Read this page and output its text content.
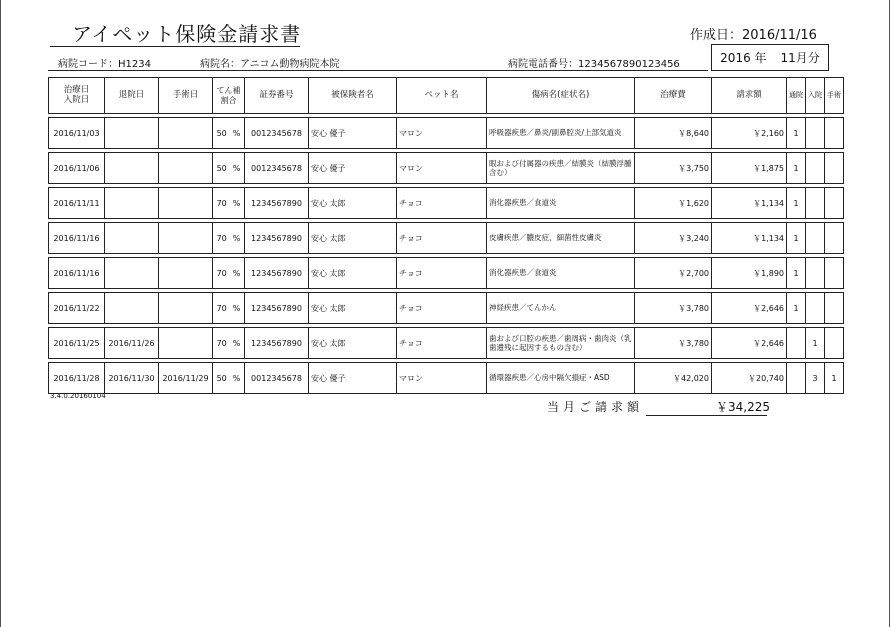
アイペット保険金請求書	作成日：2016/11/16
病院コード：H1234	病院名：アニコム動物病院本院	病院電話番号：1234567890123456	2016 年 11月分
治療日
入院日	退院日	手術日	てん補割合	証券番号	被保険者名	ペット名	傷病名(症状名)	治療費	請求額	通院	入院	手術

2016/11/03			50 %	0012345678	安心 優子	マロン	呼吸器疾患／鼻炎/副鼻腔炎/上部気道炎	￥8,640	￥2,160	1		

2016/11/06			50 %	0012345678	安心 優子	マロン	眼および付属器の疾患／結膜炎（結膜浮腫含む）	￥3,750	￥1,875	1		

2016/11/11			70 %	1234567890	安心 太郎	チョコ	消化器疾患／食道炎	￥1,620	￥1,134	1		

2016/11/16			70 %	1234567890	安心 太郎	チョコ	皮膚疾患／膿皮症、細菌性皮膚炎	￥3,240	￥1,134	1		

2016/11/16			70 %	1234567890	安心 太郎	チョコ	消化器疾患／食道炎	￥2,700	￥1,890	1		

2016/11/22			70 %	1234567890	安心 太郎	チョコ	神経疾患／てんかん	￥3,780	￥2,646	1		

2016/11/25	2016/11/26		70 %	1234567890	安心 太郎	チョコ	歯および口腔の疾患／歯周病・歯肉炎（乳歯遺残に起因するもの含む）	￥3,780	￥2,646		1	

2016/11/28	2016/11/30	2016/11/29	50 %	0012345678	安心 優子	マロン	循環器疾患／心房中隔欠損症・ASD	￥42,020	￥20,740		3	1
3.4.0.20160104
当月ご請求額	￥34,225
